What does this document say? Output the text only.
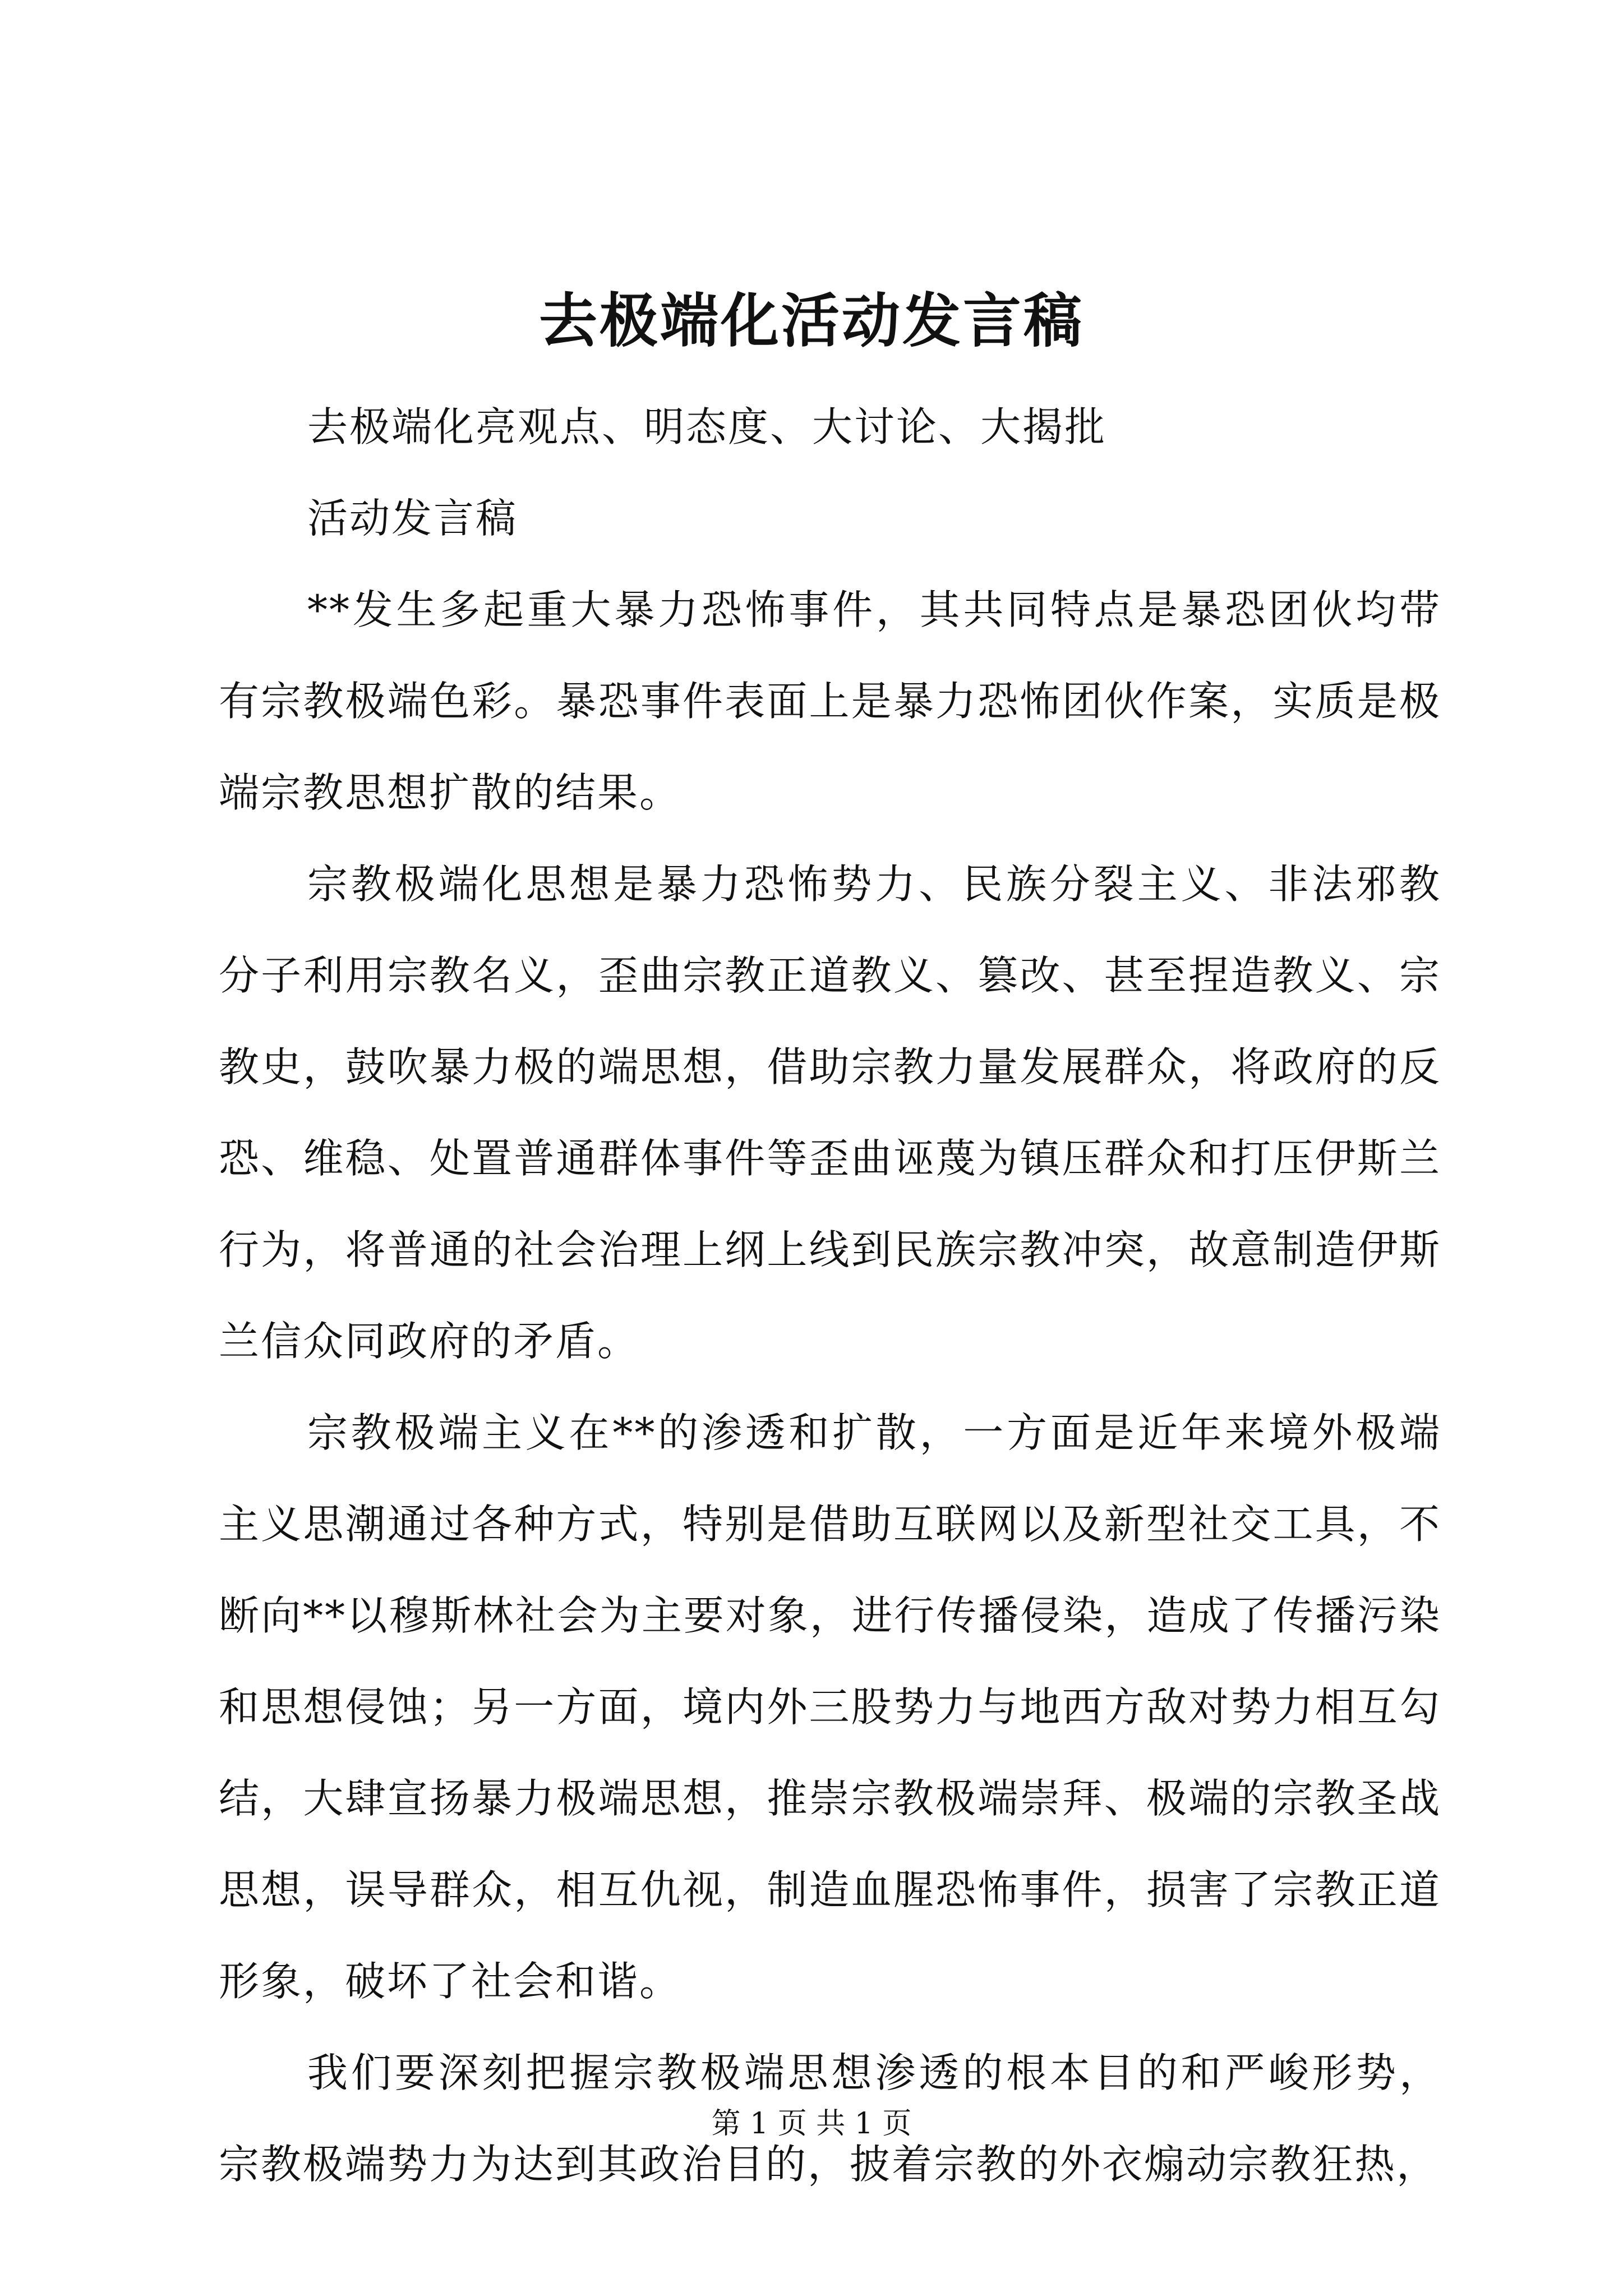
去极端化活动发言稿

去极端化亮观点、明态度、大讨论、大揭批

活动发言稿

**发生多起重大暴力恐怖事件，其共同特点是暴恐团伙均带有宗教极端色彩。暴恐事件表面上是暴力恐怖团伙作案，实质是极端宗教思想扩散的结果。

宗教极端化思想是暴力恐怖势力、民族分裂主义、非法邪教分子利用宗教名义，歪曲宗教正道教义、篡改、甚至捏造教义、宗教史，鼓吹暴力极的端思想，借助宗教力量发展群众，将政府的反恐、维稳、处置普通群体事件等歪曲诬蔑为镇压群众和打压伊斯兰行为，将普通的社会治理上纲上线到民族宗教冲突，故意制造伊斯兰信众同政府的矛盾。

宗教极端主义在**的渗透和扩散，一方面是近年来境外极端主义思潮通过各种方式，特别是借助互联网以及新型社交工具，不断向**以穆斯林社会为主要对象，进行传播侵染，造成了传播污染和思想侵蚀；另一方面，境内外三股势力与地西方敌对势力相互勾结，大肆宣扬暴力极端思想，推崇宗教极端崇拜、极端的宗教圣战思想，误导群众，相互仇视，制造血腥恐怖事件，损害了宗教正道形象，破坏了社会和谐。

我们要深刻把握宗教极端思想渗透的根本目的和严峻形势，宗教极端势力为达到其政治目的，披着宗教的外衣煽动宗教狂热，

第 1 页 共 1 页
